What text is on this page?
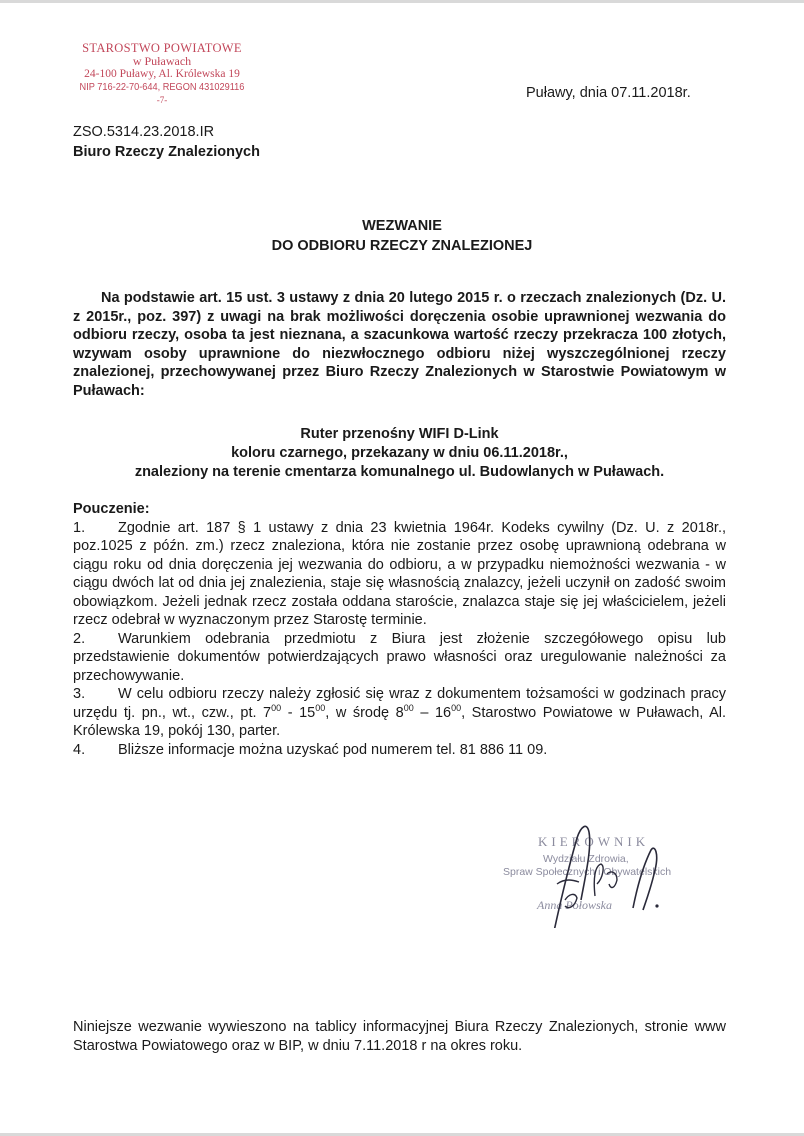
STAROSTWO POWIATOWE
w Puławach
24-100 Puławy, Al. Królewska 19
NIP 716-22-70-644, REGON 431029116
-7-	Puławy, dnia 07.11.2018r.
ZSO.5314.23.2018.IR
Biuro Rzeczy Znalezionych
WEZWANIE
DO ODBIORU RZECZY ZNALEZIONEJ
Na podstawie art. 15 ust. 3 ustawy z dnia 20 lutego 2015 r. o rzeczach znalezionych (Dz. U. z 2015r., poz. 397) z uwagi na brak możliwości doręczenia osobie uprawnionej wezwania do odbioru rzeczy, osoba ta jest nieznana, a szacunkowa wartość rzeczy przekracza 100 złotych, wzywam osoby uprawnione do niezwłocznego odbioru niżej wyszczególnionej rzeczy znalezionej, przechowywanej przez Biuro Rzeczy Znalezionych w Starostwie Powiatowym w Puławach:
Ruter przenośny WIFI D-Link
koloru czarnego, przekazany w dniu 06.11.2018r.,
znaleziony na terenie cmentarza komunalnego ul. Budowlanych w Puławach.
Pouczenie:

1. Zgodnie art. 187 § 1 ustawy z dnia 23 kwietnia 1964r. Kodeks cywilny (Dz. U. z 2018r., poz.1025 z późn. zm.) rzecz znaleziona, która nie zostanie przez osobę uprawnioną odebrana w ciągu roku od dnia doręczenia jej wezwania do odbioru, a w przypadku niemożności wezwania - w ciągu dwóch lat od dnia jej znalezienia, staje się własnością znalazcy, jeżeli uczynił on zadość swoim obowiązkom. Jeżeli jednak rzecz została oddana staroście, znalazca staje się jej właścicielem, jeżeli rzecz odebrał w wyznaczonym przez Starostę terminie.

2. Warunkiem odebrania przedmiotu z Biura jest złożenie szczegółowego opisu lub przedstawienie dokumentów potwierdzających prawo własności oraz uregulowanie należności za przechowywanie.

3. W celu odbioru rzeczy należy zgłosić się wraz z dokumentem tożsamości w godzinach pracy urzędu tj. pn., wt., czw., pt. $7^{00} - 15^{00}$, w środę $8^{00} - 16^{00}$, Starostwo Powiatowe w Puławach, Al. Królewska 19, pokój 130, parter.

4. Bliższe informacje można uzyskać pod numerem tel. 81 886 11 09.

KIEROWNIK
Wydziału Zdrowia,
Spraw Społecznych i Obywatelskich
Anna Połowska
Niniejsze wezwanie wywieszono na tablicy informacyjnej Biura Rzeczy Znalezionych, stronie www Starostwa Powiatowego oraz w BIP, w dniu 7.11.2018 r na okres roku.
